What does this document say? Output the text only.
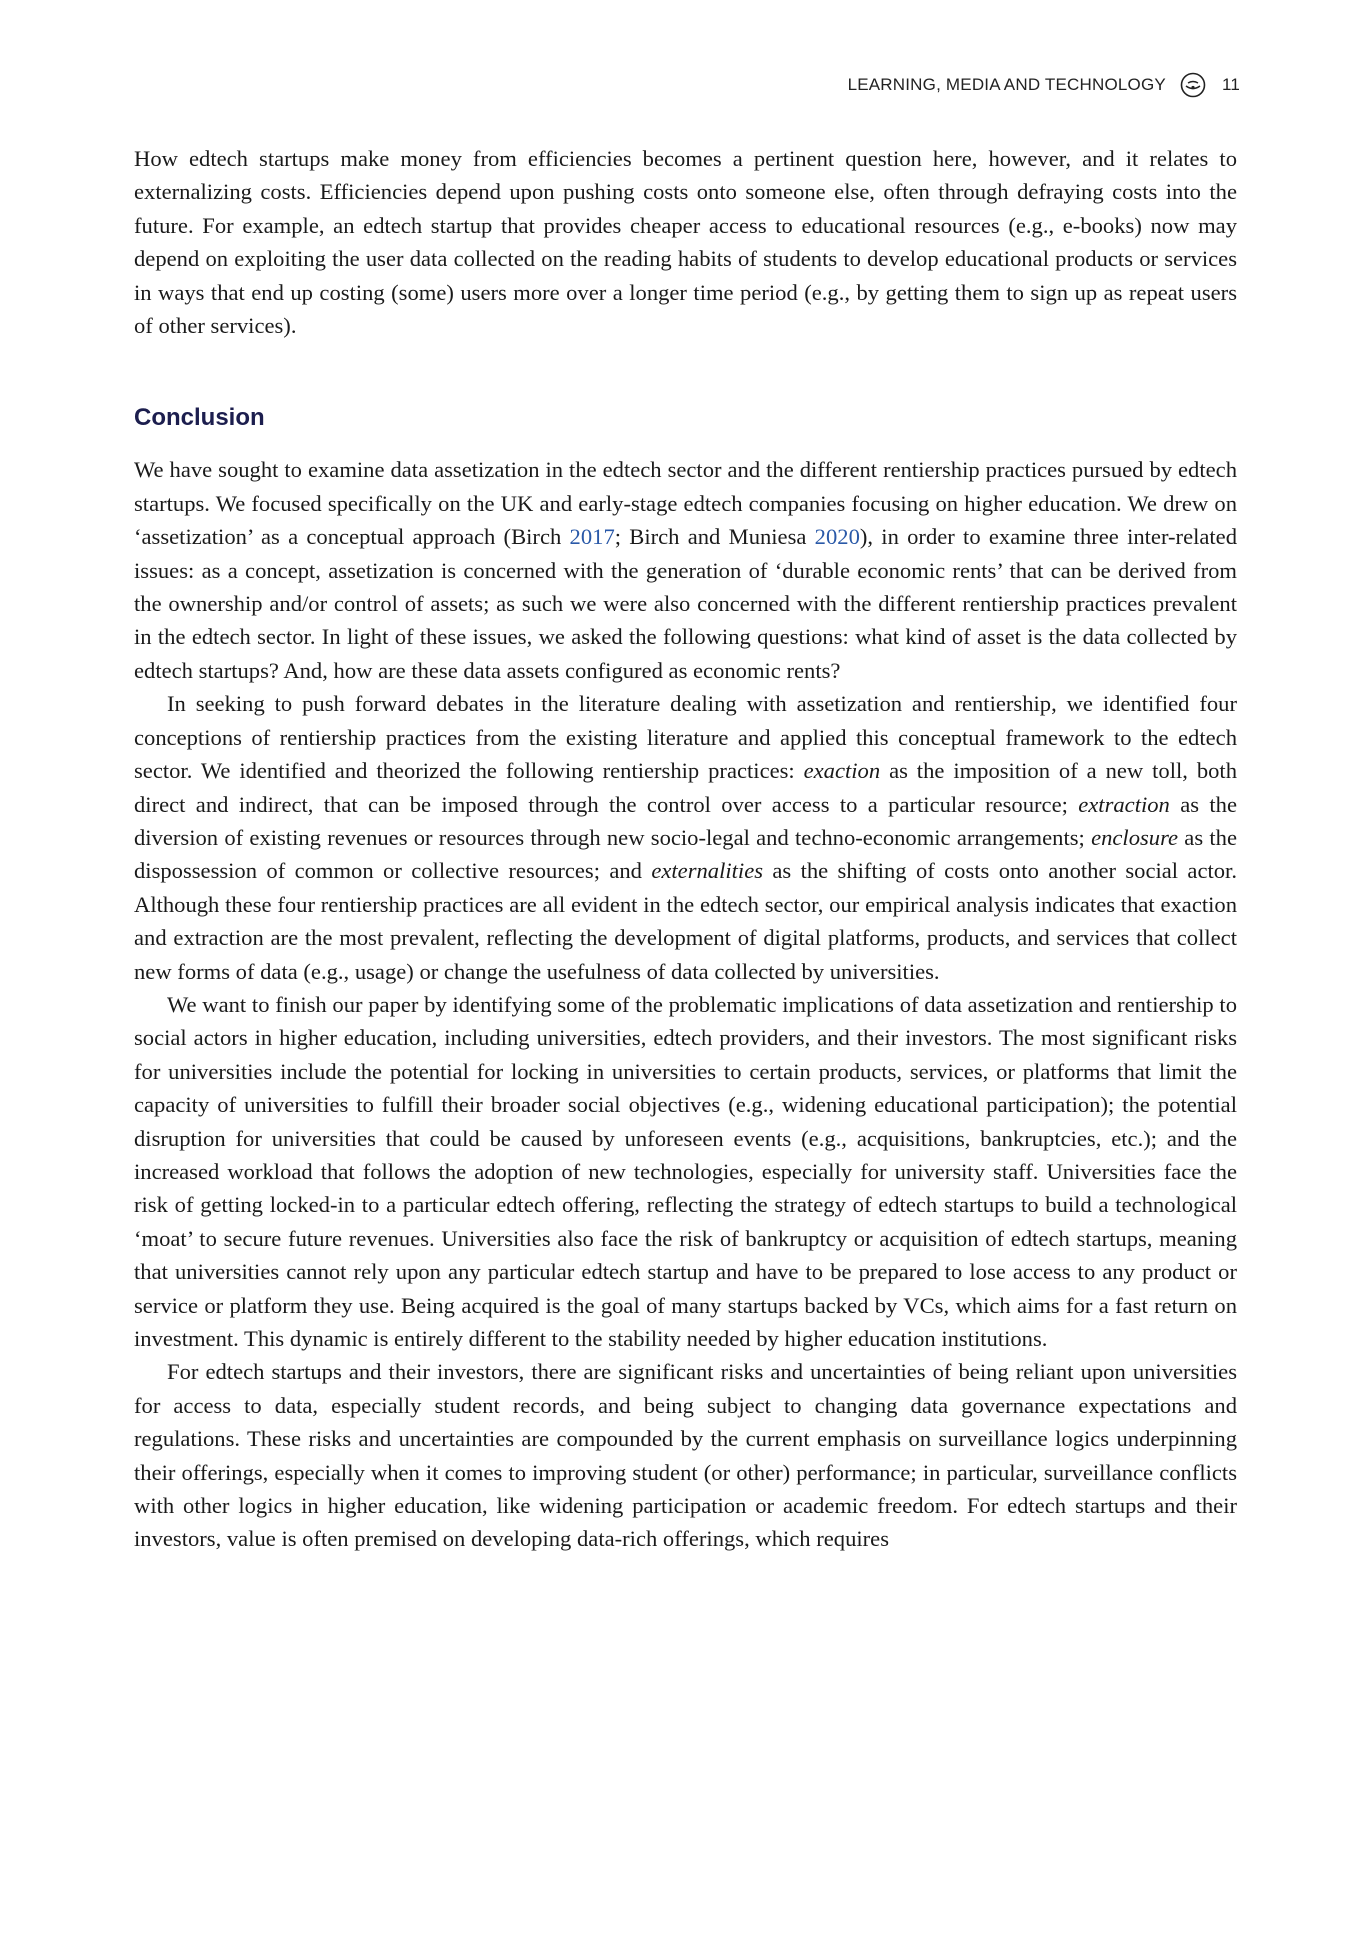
LEARNING, MEDIA AND TECHNOLOGY	11

How edtech startups make money from efficiencies becomes a pertinent question here, however, and it relates to externalizing costs. Efficiencies depend upon pushing costs onto someone else, often through defraying costs into the future. For example, an edtech startup that provides cheaper access to educational resources (e.g., e-books) now may depend on exploiting the user data collected on the reading habits of students to develop educational products or services in ways that end up costing (some) users more over a longer time period (e.g., by getting them to sign up as repeat users of other services).

Conclusion

We have sought to examine data assetization in the edtech sector and the different rentiership practices pursued by edtech startups. We focused specifically on the UK and early-stage edtech companies focusing on higher education. We drew on ‘assetization’ as a conceptual approach (Birch 2017; Birch and Muniesa 2020), in order to examine three inter-related issues: as a concept, assetization is concerned with the generation of ‘durable economic rents’ that can be derived from the ownership and/or control of assets; as such we were also concerned with the different rentiership practices prevalent in the edtech sector. In light of these issues, we asked the following questions: what kind of asset is the data collected by edtech startups? And, how are these data assets configured as economic rents?

In seeking to push forward debates in the literature dealing with assetization and rentiership, we identified four conceptions of rentiership practices from the existing literature and applied this conceptual framework to the edtech sector. We identified and theorized the following rentiership practices: exaction as the imposition of a new toll, both direct and indirect, that can be imposed through the control over access to a particular resource; extraction as the diversion of existing revenues or resources through new socio-legal and techno-economic arrangements; enclosure as the dispossession of common or collective resources; and externalities as the shifting of costs onto another social actor. Although these four rentiership practices are all evident in the edtech sector, our empirical analysis indicates that exaction and extraction are the most prevalent, reflecting the development of digital platforms, products, and services that collect new forms of data (e.g., usage) or change the usefulness of data collected by universities.

We want to finish our paper by identifying some of the problematic implications of data assetization and rentiership to social actors in higher education, including universities, edtech providers, and their investors. The most significant risks for universities include the potential for locking in universities to certain products, services, or platforms that limit the capacity of universities to fulfill their broader social objectives (e.g., widening educational participation); the potential disruption for universities that could be caused by unforeseen events (e.g., acquisitions, bankruptcies, etc.); and the increased workload that follows the adoption of new technologies, especially for university staff. Universities face the risk of getting locked-in to a particular edtech offering, reflecting the strategy of edtech startups to build a technological ‘moat’ to secure future revenues. Universities also face the risk of bankruptcy or acquisition of edtech startups, meaning that universities cannot rely upon any particular edtech startup and have to be prepared to lose access to any product or service or platform they use. Being acquired is the goal of many startups backed by VCs, which aims for a fast return on investment. This dynamic is entirely different to the stability needed by higher education institutions.

For edtech startups and their investors, there are significant risks and uncertainties of being reliant upon universities for access to data, especially student records, and being subject to changing data governance expectations and regulations. These risks and uncertainties are compounded by the current emphasis on surveillance logics underpinning their offerings, especially when it comes to improving student (or other) performance; in particular, surveillance conflicts with other logics in higher education, like widening participation or academic freedom. For edtech startups and their investors, value is often premised on developing data-rich offerings, which requires
